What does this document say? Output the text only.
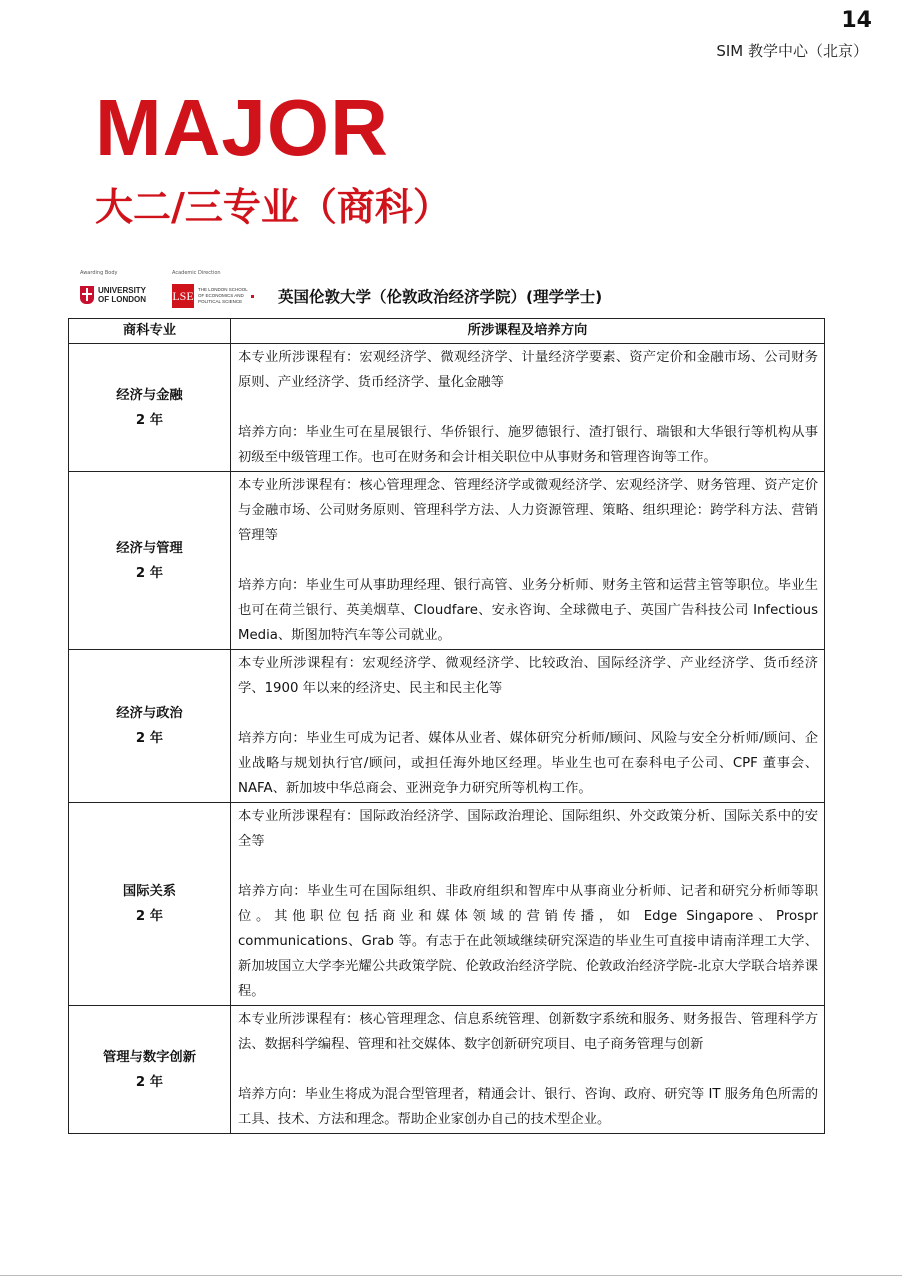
14
SIM 教学中心（北京）
MAJOR
大二/三专业（商科）
Awarding Body
UNIVERSITY
OF LONDON
Academic Direction
LSE THE LONDON SCHOOL
OF ECONOMICS AND
POLITICAL SCIENCE	英国伦敦大学（伦敦政治经济学院）(理学学士)
商科专业	所涉课程及培养方向

经济与金融
2 年	本专业所涉课程有：宏观经济学、微观经济学、计量经济学要素、资产定价和金融市场、公司财务原则、产业经济学、货币经济学、量化金融等
培养方向：毕业生可在星展银行、华侨银行、施罗德银行、渣打银行、瑞银和大华银行等机构从事初级至中级管理工作。也可在财务和会计相关职位中从事财务和管理咨询等工作。

经济与管理
2 年	本专业所涉课程有：核心管理理念、管理经济学或微观经济学、宏观经济学、财务管理、资产定价与金融市场、公司财务原则、管理科学方法、人力资源管理、策略、组织理论：跨学科方法、营销管理等
培养方向：毕业生可从事助理经理、银行高管、业务分析师、财务主管和运营主管等职位。毕业生也可在荷兰银行、英美烟草、Cloudfare、安永咨询、全球微电子、英国广告科技公司 Infectious Media、斯图加特汽车等公司就业。

经济与政治
2 年	本专业所涉课程有：宏观经济学、微观经济学、比较政治、国际经济学、产业经济学、货币经济学、1900 年以来的经济史、民主和民主化等
培养方向：毕业生可成为记者、媒体从业者、媒体研究分析师/顾问、风险与安全分析师/顾问、企业战略与规划执行官/顾问，或担任海外地区经理。毕业生也可在泰科电子公司、CPF 董事会、NAFA、新加坡中华总商会、亚洲竞争力研究所等机构工作。

国际关系
2 年	本专业所涉课程有：国际政治经济学、国际政治理论、国际组织、外交政策分析、国际关系中的安全等
培养方向：毕业生可在国际组织、非政府组织和智库中从事商业分析师、记者和研究分析师等职位。其他职位包括商业和媒体领域的营销传播，如 Edge Singapore、Prospr communications、Grab 等。有志于在此领域继续研究深造的毕业生可直接申请南洋理工大学、新加坡国立大学李光耀公共政策学院、伦敦政治经济学院、伦敦政治经济学院-北京大学联合培养课程。

管理与数字创新
2 年	本专业所涉课程有：核心管理理念、信息系统管理、创新数字系统和服务、财务报告、管理科学方法、数据科学编程、管理和社交媒体、数字创新研究项目、电子商务管理与创新
培养方向：毕业生将成为混合型管理者，精通会计、银行、咨询、政府、研究等 IT 服务角色所需的工具、技术、方法和理念。帮助企业家创办自己的技术型企业。
